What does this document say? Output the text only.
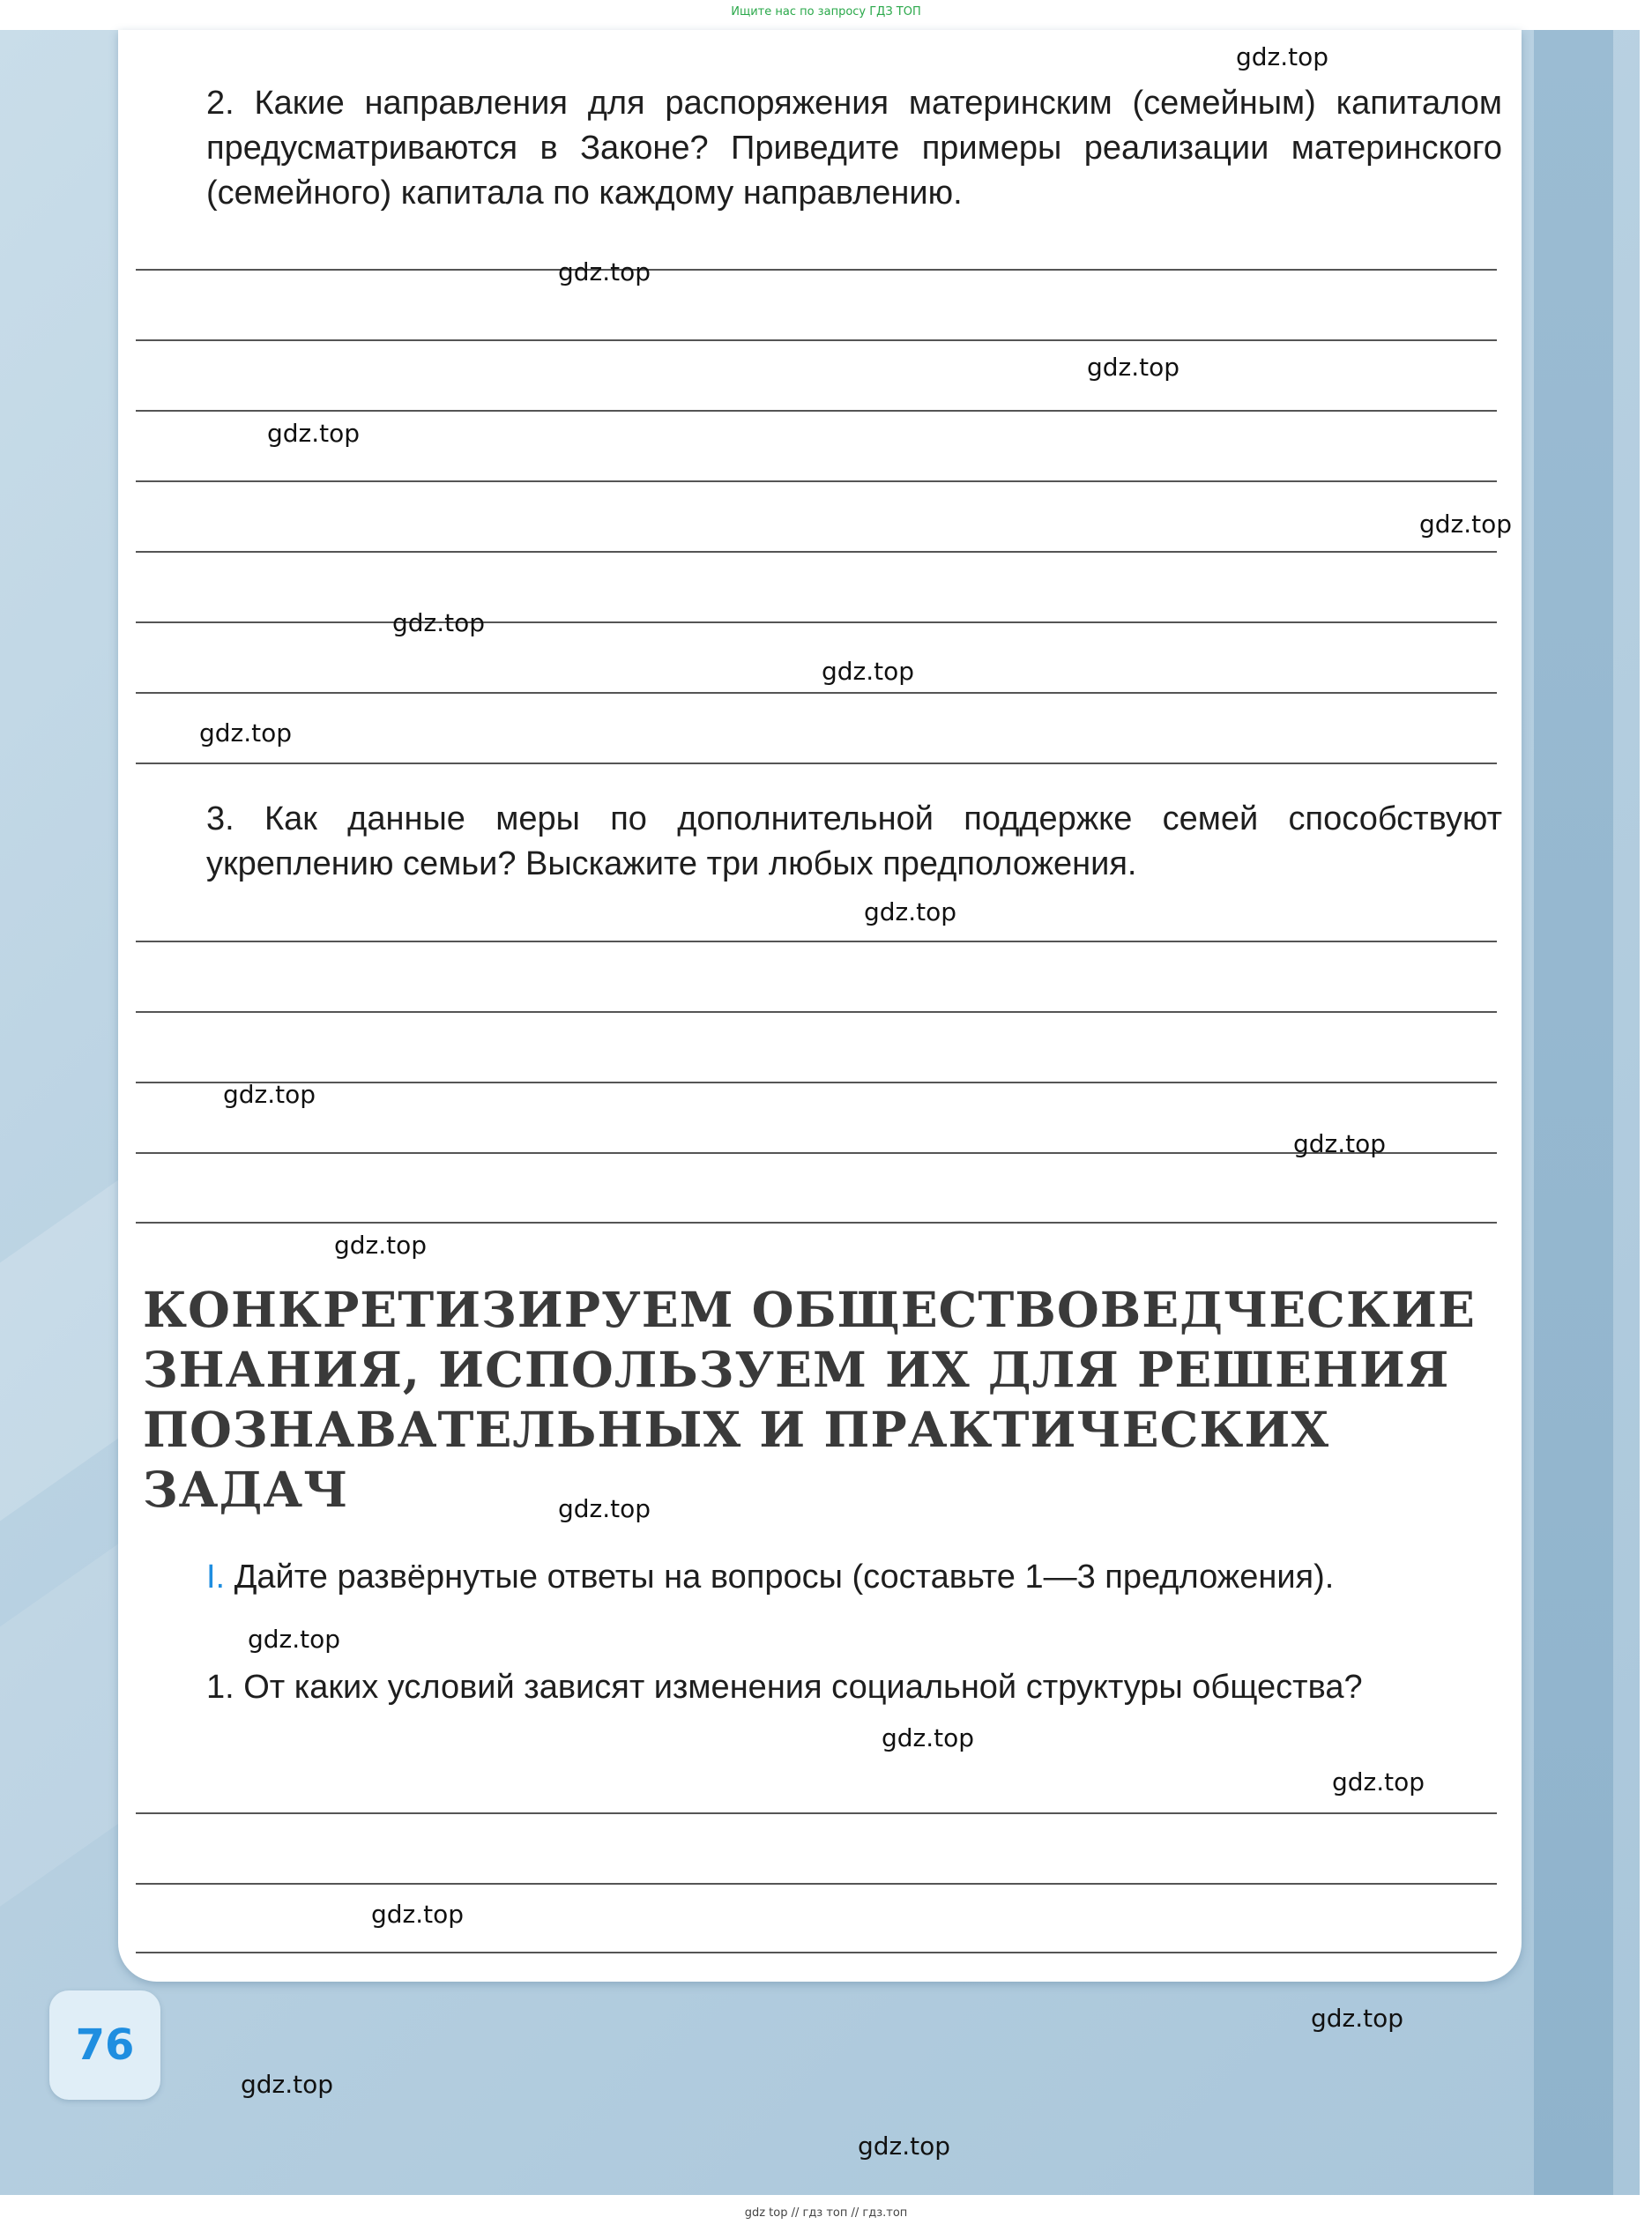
Ищите нас по запросу ГДЗ ТОП
2. Какие направления для распоряжения материнским (семейным) капиталом предусматриваются в Законе? Приведите примеры реализации материнского (семейного) капитала по каждому направлению.
3. Как данные меры по дополнительной поддержке семей способствуют укреплению семьи? Выскажите три любых предположения.
КОНКРЕТИЗИРУЕМ ОБЩЕСТВОВЕДЧЕСКИЕ ЗНАНИЯ, ИСПОЛЬЗУЕМ ИХ ДЛЯ РЕШЕНИЯ ПОЗНАВАТЕЛЬНЫХ И ПРАКТИЧЕСКИХ ЗАДАЧ
I. Дайте развёрнутые ответы на вопросы (составьте 1—3 предложения).
1. От каких условий зависят изменения социальной структуры общества?
76
gdz.top
gdz.top
gdz.top
gdz.top
gdz.top
gdz.top
gdz.top
gdz.top
gdz.top
gdz.top
gdz.top
gdz.top
gdz.top
gdz.top
gdz.top
gdz.top
gdz.top
gdz.top
gdz.top
gdz.top
gdz top // гдз топ // гдз.тoп
